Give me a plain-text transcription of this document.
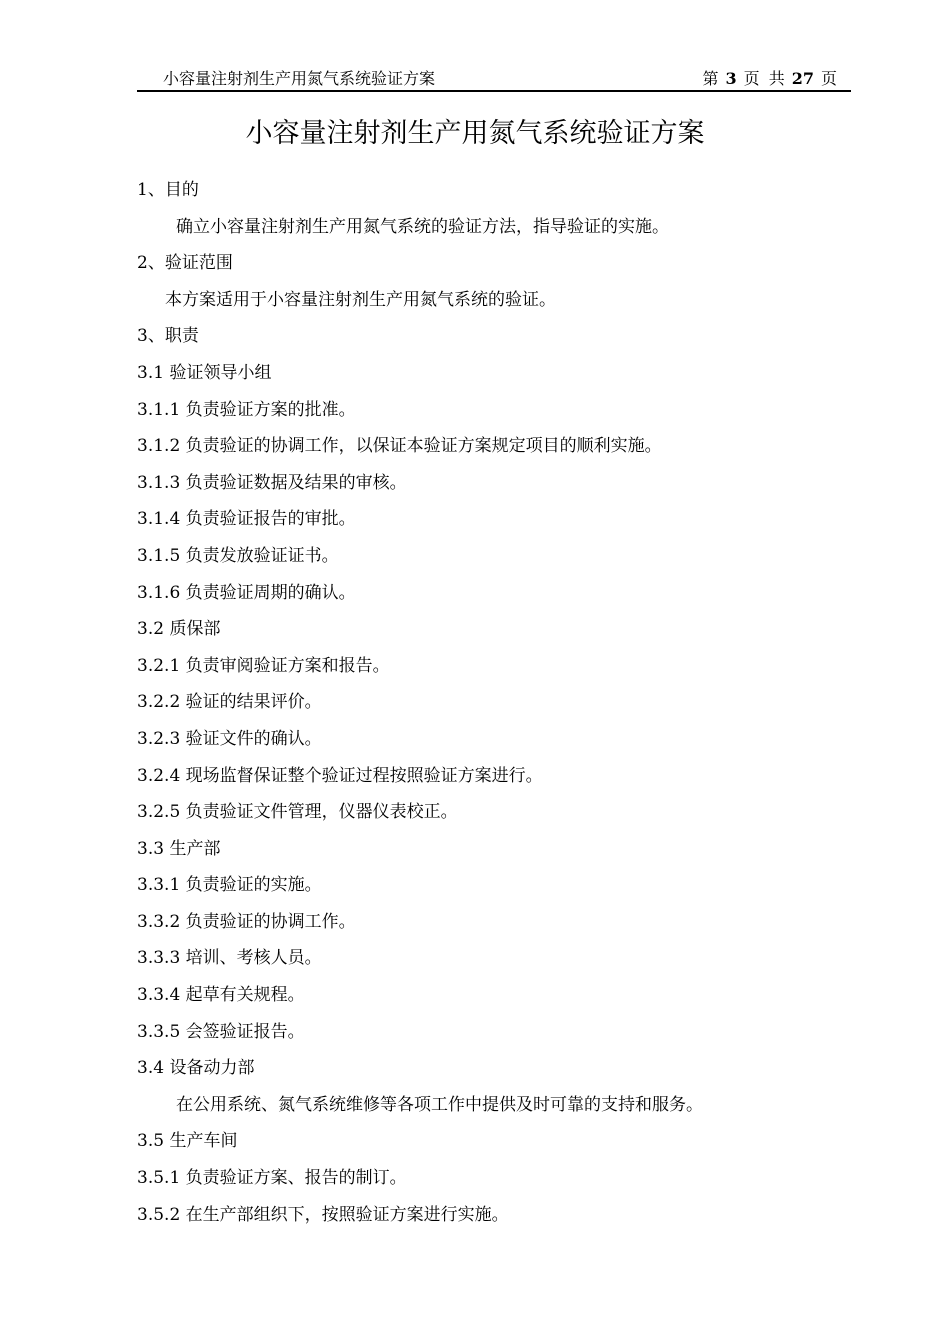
小容量注射剂生产用氮气系统验证方案	第 3 页 共 27 页
小容量注射剂生产用氮气系统验证方案
1、目的
确立小容量注射剂生产用氮气系统的验证方法，指导验证的实施。
2、验证范围
本方案适用于小容量注射剂生产用氮气系统的验证。
3、职责
3.1 验证领导小组
3.1.1 负责验证方案的批准。
3.1.2 负责验证的协调工作，以保证本验证方案规定项目的顺利实施。
3.1.3 负责验证数据及结果的审核。
3.1.4 负责验证报告的审批。
3.1.5 负责发放验证证书。
3.1.6 负责验证周期的确认。
3.2 质保部
3.2.1 负责审阅验证方案和报告。
3.2.2 验证的结果评价。
3.2.3 验证文件的确认。
3.2.4 现场监督保证整个验证过程按照验证方案进行。
3.2.5 负责验证文件管理，仪器仪表校正。
3.3 生产部
3.3.1 负责验证的实施。
3.3.2 负责验证的协调工作。
3.3.3 培训、考核人员。
3.3.4 起草有关规程。
3.3.5 会签验证报告。
3.4 设备动力部
在公用系统、氮气系统维修等各项工作中提供及时可靠的支持和服务。
3.5 生产车间
3.5.1 负责验证方案、报告的制订。
3.5.2 在生产部组织下，按照验证方案进行实施。
